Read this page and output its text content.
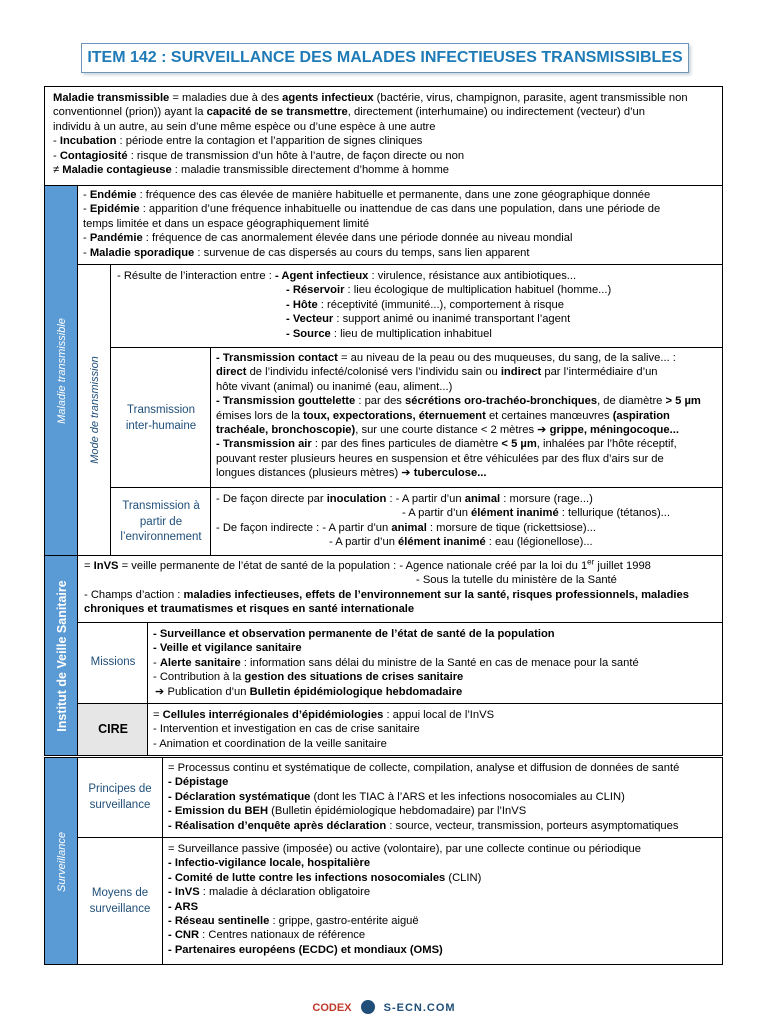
ITEM 142 : SURVEILLANCE DES MALADES INFECTIEUSES TRANSMISSIBLES
Maladie transmissible = maladies due à des agents infectieux (bactérie, virus, champignon, parasite, agent transmissible non
conventionnel (prion)) ayant la capacité de se transmettre, directement (interhumaine) ou indirectement (vecteur) d’un
individu à un autre, au sein d’une même espèce ou d’une espèce à une autre
- Incubation : période entre la contagion et l’apparition de signes cliniques
- Contagiosité : risque de transmission d’un hôte à l’autre, de façon directe ou non
≠ Maladie contagieuse : maladie transmissible directement d’homme à homme
Maladie transmissible
- Endémie : fréquence des cas élevée de manière habituelle et permanente, dans une zone géographique donnée
- Epidémie : apparition d’une fréquence inhabituelle ou inattendue de cas dans une population, dans une période de
temps limitée et dans un espace géographiquement limité
- Pandémie : fréquence de cas anormalement élevée dans une période donnée au niveau mondial
- Maladie sporadique : survenue de cas dispersés au cours du temps, sans lien apparent
Mode de transmission
- Résulte de l’interaction entre : - Agent infectieux : virulence, résistance aux antibiotiques...
- Réservoir : lieu écologique de multiplication habituel (homme...)
- Hôte : réceptivité (immunité...), comportement à risque
- Vecteur : support animé ou inanimé transportant l’agent
- Source : lieu de multiplication inhabituel
Transmission inter-humaine
- Transmission contact = au niveau de la peau ou des muqueuses, du sang, de la salive... :
direct de l’individu infecté/colonisé vers l’individu sain ou indirect par l’intermédiaire d’un
hôte vivant (animal) ou inanimé (eau, aliment...)
- Transmission gouttelette : par des sécrétions oro-trachéo-bronchiques, de diamètre > 5 µm
émises lors de la toux, expectorations, éternuement et certaines manœuvres (aspiration
trachéale, bronchoscopie), sur une courte distance < 2 mètres ➔ grippe, méningocoque...
- Transmission air : par des fines particules de diamètre < 5 µm, inhalées par l’hôte réceptif,
pouvant rester plusieurs heures en suspension et être véhiculées par des flux d’airs sur de
longues distances (plusieurs mètres) ➔ tuberculose...
Transmission à partir de l’environnement
- De façon directe par inoculation : - A partir d’un animal : morsure (rage...)
- A partir d’un élément inanimé : tellurique (tétanos)...
- De façon indirecte : - A partir d’un animal : morsure de tique (rickettsiose)...
- A partir d’un élément inanimé : eau (légionellose)...
Institut de Veille Sanitaire
= InVS = veille permanente de l’état de santé de la population : - Agence nationale créé par la loi du 1er juillet 1998
- Sous la tutelle du ministère de la Santé
- Champs d’action : maladies infectieuses, effets de l’environnement sur la santé, risques professionnels, maladies
chroniques et traumatismes et risques en santé internationale
Missions
- Surveillance et observation permanente de l’état de santé de la population
- Veille et vigilance sanitaire
- Alerte sanitaire : information sans délai du ministre de la Santé en cas de menace pour la santé
- Contribution à la gestion des situations de crises sanitaire
➔ Publication d’un Bulletin épidémiologique hebdomadaire
CIRE
= Cellules interrégionales d’épidémiologies : appui local de l’InVS
- Intervention et investigation en cas de crise sanitaire
- Animation et coordination de la veille sanitaire
Surveillance
Principes de surveillance
= Processus continu et systématique de collecte, compilation, analyse et diffusion de données de santé
- Dépistage
- Déclaration systématique (dont les TIAC à l’ARS et les infections nosocomiales au CLIN)
- Emission du BEH (Bulletin épidémiologique hebdomadaire) par l’InVS
- Réalisation d’enquête après déclaration : source, vecteur, transmission, porteurs asymptomatiques
Moyens de surveillance
= Surveillance passive (imposée) ou active (volontaire), par une collecte continue ou périodique
- Infectio-vigilance locale, hospitalière
- Comité de lutte contre les infections nosocomiales (CLIN)
- InVS : maladie à déclaration obligatoire
- ARS
- Réseau sentinelle : grippe, gastro-entérite aiguë
- CNR : Centres nationaux de référence
- Partenaires européens (ECDC) et mondiaux (OMS)
CODEX	S-ECN.COM
